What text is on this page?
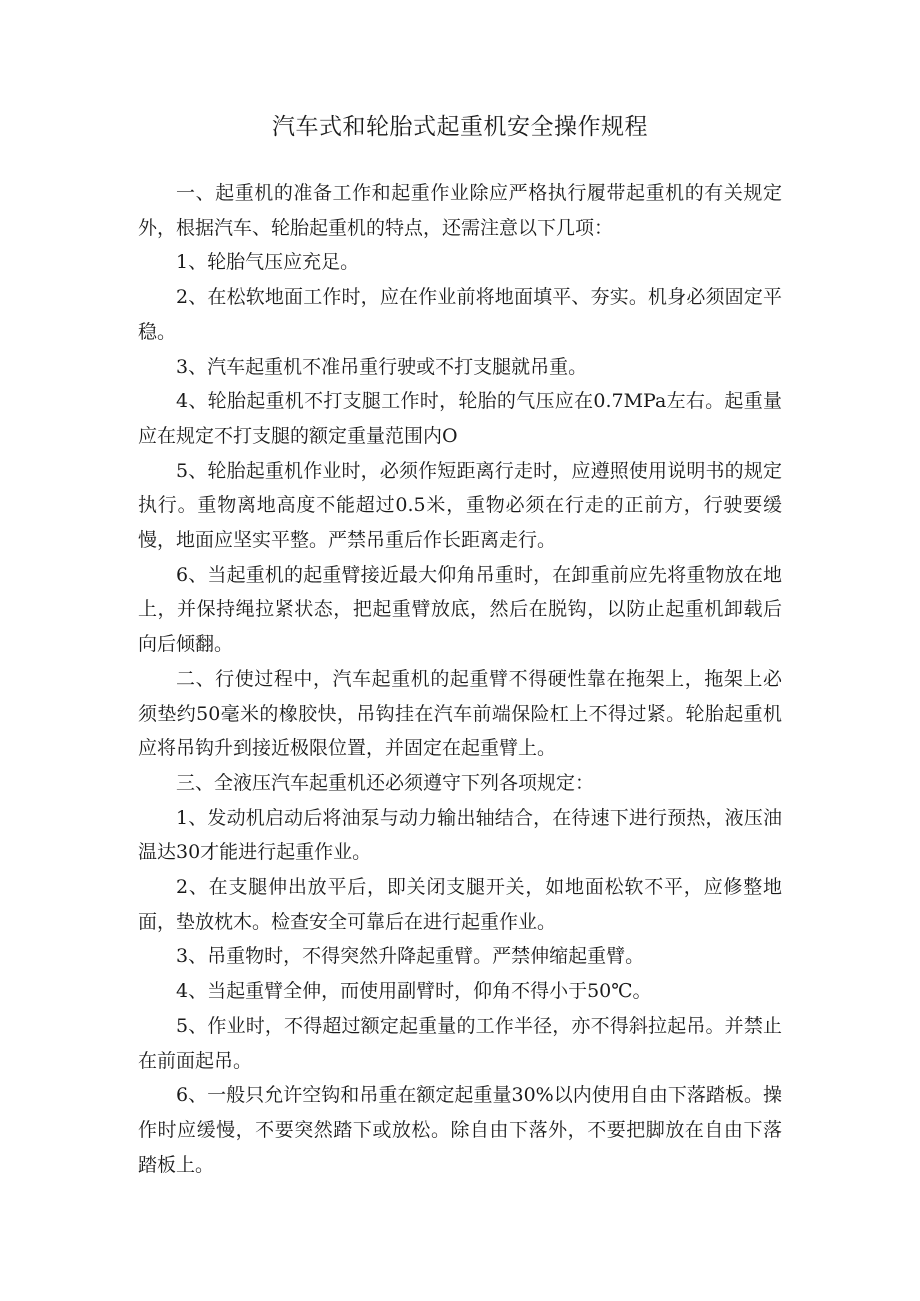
汽车式和轮胎式起重机安全操作规程

一、起重机的准备工作和起重作业除应严格执行履带起重机的有关规定外，根据汽车、轮胎起重机的特点，还需注意以下几项：

1、轮胎气压应充足。

2、在松软地面工作时，应在作业前将地面填平、夯实。机身必须固定平稳。

3、汽车起重机不准吊重行驶或不打支腿就吊重。

4、轮胎起重机不打支腿工作时，轮胎的气压应在0.7MPa左右。起重量应在规定不打支腿的额定重量范围内O

5、轮胎起重机作业时，必须作短距离行走时，应遵照使用说明书的规定执行。重物离地高度不能超过0.5米，重物必须在行走的正前方，行驶要缓慢，地面应坚实平整。严禁吊重后作长距离走行。

6、当起重机的起重臂接近最大仰角吊重时，在卸重前应先将重物放在地上，并保持绳拉紧状态，把起重臂放底，然后在脱钩，以防止起重机卸载后向后倾翻。

二、行使过程中，汽车起重机的起重臂不得硬性靠在拖架上，拖架上必须垫约50毫米的橡胶快，吊钩挂在汽车前端保险杠上不得过紧。轮胎起重机应将吊钩升到接近极限位置，并固定在起重臂上。

三、全液压汽车起重机还必须遵守下列各项规定：

1、发动机启动后将油泵与动力输出轴结合，在待速下进行预热，液压油温达30才能进行起重作业。

2、在支腿伸出放平后，即关闭支腿开关，如地面松软不平，应修整地面，垫放枕木。检查安全可靠后在进行起重作业。

3、吊重物时，不得突然升降起重臂。严禁伸缩起重臂。

4、当起重臂全伸，而使用副臂时，仰角不得小于50℃。

5、作业时，不得超过额定起重量的工作半径，亦不得斜拉起吊。并禁止在前面起吊。

6、一般只允许空钩和吊重在额定起重量30%以内使用自由下落踏板。操作时应缓慢，不要突然踏下或放松。除自由下落外，不要把脚放在自由下落踏板上。
